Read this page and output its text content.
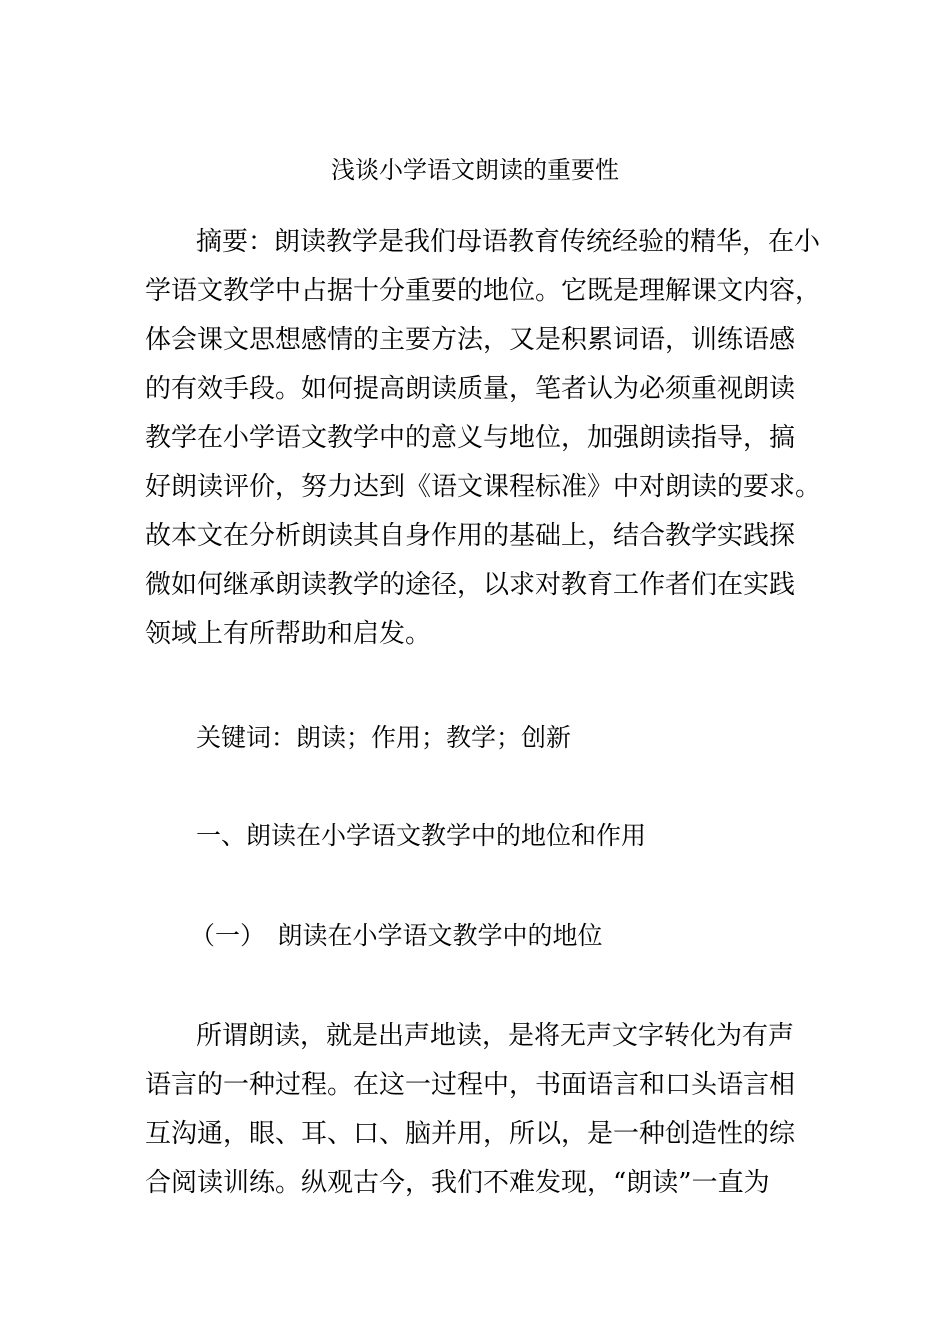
浅谈小学语文朗读的重要性
摘要：朗读教学是我们母语教育传统经验的精华，在小
学语文教学中占据十分重要的地位。它既是理解课文内容，
体会课文思想感情的主要方法，又是积累词语，训练语感
的有效手段。如何提高朗读质量，笔者认为必须重视朗读
教学在小学语文教学中的意义与地位，加强朗读指导，搞
好朗读评价，努力达到《语文课程标准》中对朗读的要求。
故本文在分析朗读其自身作用的基础上，结合教学实践探
微如何继承朗读教学的途径，以求对教育工作者们在实践
领域上有所帮助和启发。
关键词：朗读；作用；教学；创新
一、朗读在小学语文教学中的地位和作用
（一）　朗读在小学语文教学中的地位
所谓朗读，就是出声地读，是将无声文字转化为有声
语言的一种过程。在这一过程中，书面语言和口头语言相
互沟通，眼、耳、口、脑并用，所以，是一种创造性的综
合阅读训练。纵观古今，我们不难发现，“朗读”一直为
